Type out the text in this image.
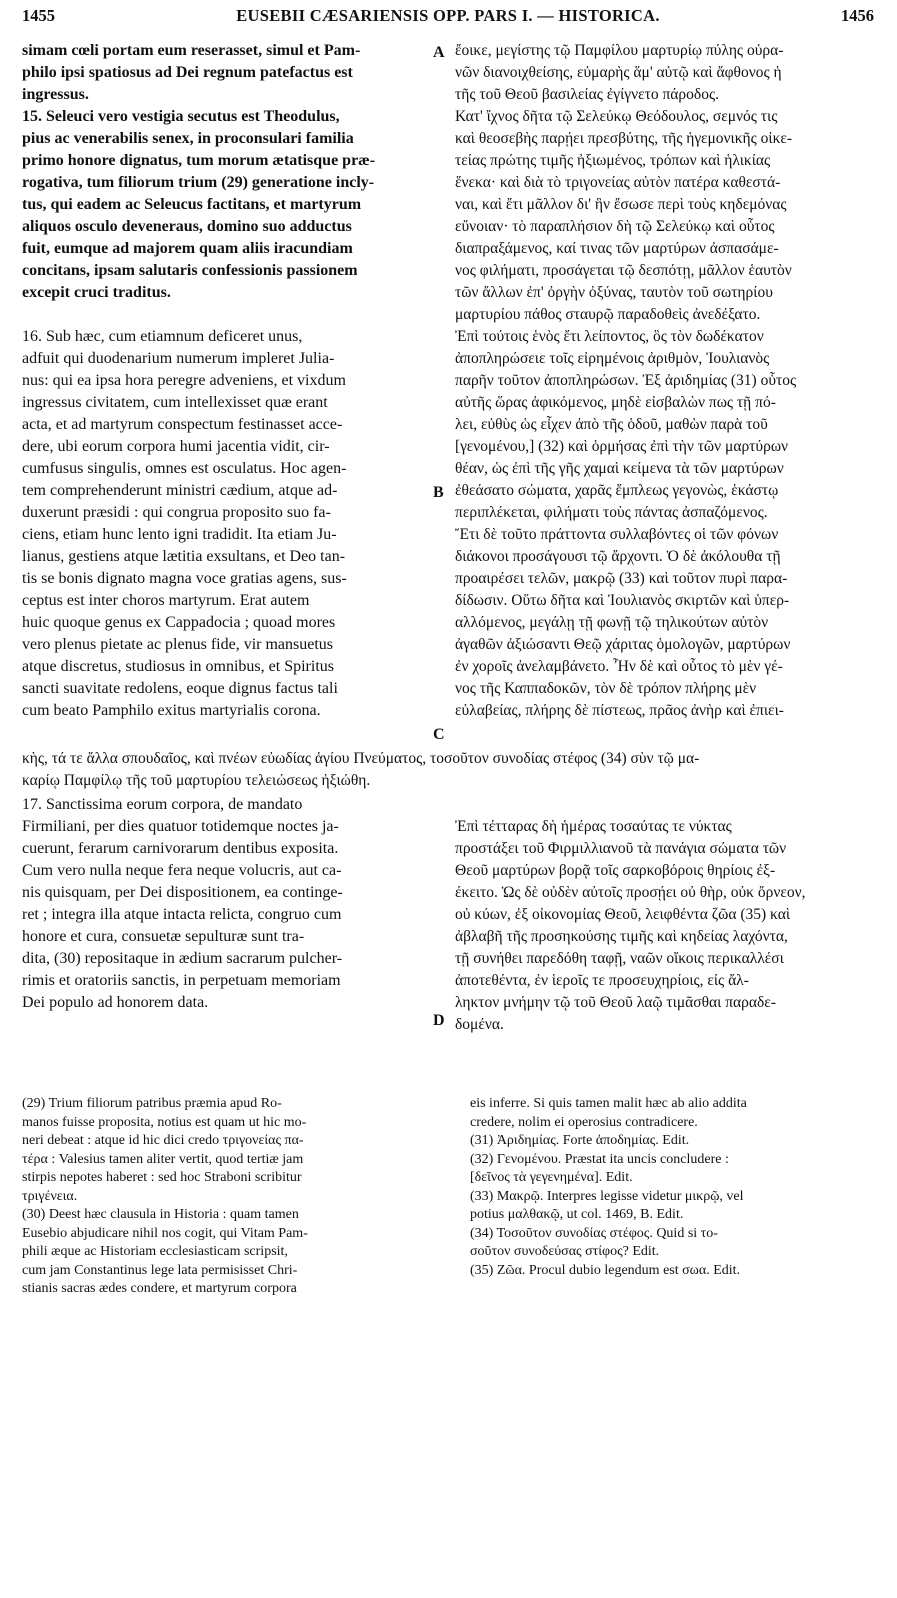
1455	EUSEBII CÆSARIENSIS OPP. PARS I. — HISTORICA.	1456
A
B
C
D
simam cœli portam eum reserasset, simul et Pam-
philo ipsi spatiosus ad Dei regnum patefactus est
ingressus.
15. Seleuci vero vestigia secutus est Theodulus,
pius ac venerabilis senex, in proconsulari familia
primo honore dignatus, tum morum ætatisque præ-
rogativa, tum filiorum trium (29) generatione incly-
tus, qui eadem ac Seleucus factitans, et martyrum
aliquos osculo deveneraus, domino suo adductus
fuit, eumque ad majorem quam aliis iracundiam
concitans, ipsam salutaris confessionis passionem
excepit cruci traditus.
16. Sub hæc, cum etiamnum deficeret unus,
adfuit qui duodenarium numerum impleret Julia-
nus: qui ea ipsa hora peregre adveniens, et vixdum
ingressus civitatem, cum intellexisset quæ erant
acta, et ad martyrum conspectum festinasset acce-
dere, ubi eorum corpora humi jacentia vidit, cir-
cumfusus singulis, omnes est osculatus. Hoc agen-
tem comprehenderunt ministri cædium, atque ad-
duxerunt præsidi : qui congrua proposito suo fa-
ciens, etiam hunc lento igni tradidit. Ita etiam Ju-
lianus, gestiens atque lætitia exsultans, et Deo tan-
tis se bonis dignato magna voce gratias agens, sus-
ceptus est inter choros martyrum. Erat autem
huic quoque genus ex Cappadocia ; quoad mores
vero plenus pietate ac plenus fide, vir mansuetus
atque discretus, studiosus in omnibus, et Spiritus
sancti suavitate redolens, eoque dignus factus tali
cum beato Pamphilo exitus martyrialis corona.
ἔοικε, μεγίστης τῷ Παμφίλου μαρτυρίῳ πύλης οὐρα-
νῶν διανοιχθείσης, εὐμαρὴς ἅμ' αὐτῷ καὶ ἄφθονος ἡ
τῆς τοῦ Θεοῦ βασιλείας ἐγίγνετο πάροδος.
Κατ' ἴχνος δῆτα τῷ Σελεύκῳ Θεόδουλος, σεμνός τις
καὶ θεοσεβὴς παρῄει πρεσβύτης, τῆς ἡγεμονικῆς οἰκε-
τείας πρώτης τιμῆς ἠξιωμένος, τρόπων καὶ ἡλικίας
ἕνεκα· καὶ διὰ τὸ τριγονείας αὐτὸν πατέρα καθεστά-
ναι, καὶ ἔτι μᾶλλον δι' ἣν ἔσωσε περὶ τοὺς κηδεμόνας
εὔνοιαν· τὸ παραπλήσιον δὴ τῷ Σελεύκῳ καὶ οὗτος
διαπραξάμενος, καί τινας τῶν μαρτύρων ἀσπασάμε-
νος φιλήματι, προσάγεται τῷ δεσπότῃ, μᾶλλον ἑαυτὸν
τῶν ἄλλων ἐπ' ὀργὴν ὀξύνας, ταυτὸν τοῦ σωτηρίου
μαρτυρίου πάθος σταυρῷ παραδοθεὶς ἀνεδέξατο.
Ἐπὶ τούτοις ἑνὸς ἔτι λείποντος, ὃς τὸν δωδέκατον
ἀποπληρώσειε τοῖς εἰρημένοις ἀριθμὸν, Ἰουλιανὸς
παρῆν τοῦτον ἀποπληρώσων. Ἐξ ἀριδημίας (31) οὗτος
αὐτῆς ὥρας ἀφικόμενος, μηδὲ εἰσβαλὼν πως τῇ πό-
λει, εὐθὺς ὡς εἶχεν ἀπὸ τῆς ὁδοῦ, μαθὼν παρὰ τοῦ
[γενομένου,] (32) καὶ ὁρμήσας ἐπὶ τὴν τῶν μαρτύρων
θέαν, ὡς ἐπὶ τῆς γῆς χαμαὶ κείμενα τὰ τῶν μαρτύρων
ἐθεάσατο σώματα, χαρᾶς ἔμπλεως γεγονὼς, ἑκάστῳ
περιπλέκεται, φιλήματι τοὺς πάντας ἀσπαζόμενος.
Ἔτι δὲ τοῦτο πράττοντα συλλαβόντες οἱ τῶν φόνων
διάκονοι προσάγουσι τῷ ἄρχοντι. Ὁ δὲ ἀκόλουθα τῇ
προαιρέσει τελῶν, μακρῷ (33) καὶ τοῦτον πυρὶ παρα-
δίδωσιν. Οὕτω δῆτα καὶ Ἰουλιανὸς σκιρτῶν καὶ ὑπερ-
αλλόμενος, μεγάλῃ τῇ φωνῇ τῷ τηλικούτων αὐτὸν
ἀγαθῶν ἀξιώσαντι Θεῷ χάριτας ὁμολογῶν, μαρτύρων
ἐν χοροῖς ἀνελαμβάνετο. Ἦν δὲ καὶ οὗτος τὸ μὲν γέ-
νος τῆς Καππαδοκῶν, τὸν δὲ τρόπον πλήρης μὲν
εὐλαβείας, πλήρης δὲ πίστεως, πρᾶος ἀνὴρ καὶ ἐπιει-
κὴς, τά τε ἄλλα σπουδαῖος, καὶ πνέων εὐωδίας ἁγίου Πνεύματος, τοσοῦτον συνοδίας στέφος (34) σὺν τῷ μα-
καρίῳ Παμφίλῳ τῆς τοῦ μαρτυρίου τελειώσεως ἠξιώθη.
17. Sanctissima eorum corpora, de mandato
Firmiliani, per dies quatuor totidemque noctes ja-
cuerunt, ferarum carnivorarum dentibus exposita.
Cum vero nulla neque fera neque volucris, aut ca-
nis quisquam, per Dei dispositionem, ea continge-
ret ; integra illa atque intacta relicta, congruo cum
honore et cura, consuetæ sepulturæ sunt tra-
dita, (30) repositaque in ædium sacrarum pulcher-
rimis et oratoriis sanctis, in perpetuam memoriam
Dei populo ad honorem data.
Ἐπὶ τέτταρας δὴ ἡμέρας τοσαύτας τε νύκτας
προστάξει τοῦ Φιρμιλλιανοῦ τὰ πανάγια σώματα τῶν
Θεοῦ μαρτύρων βορᾷ τοῖς σαρκοβόροις θηρίοις ἐξ-
έκειτο. Ὡς δὲ οὐδὲν αὐτοῖς προσῄει οὐ θὴρ, οὐκ ὄρνεον,
οὐ κύων, ἐξ οἰκονομίας Θεοῦ, λειφθέντα ζῶα (35) καὶ
ἀβλαβῆ τῆς προσηκούσης τιμῆς καὶ κηδείας λαχόντα,
τῇ συνήθει παρεδόθη ταφῇ, ναῶν οἴκοις περικαλλέσι
ἀποτεθέντα, ἐν ἱεροῖς τε προσευχηρίοις, εἰς ἄλ-
ληκτον μνήμην τῷ τοῦ Θεοῦ λαῷ τιμᾶσθαι παραδε-
δομένα.
(29) Trium filiorum patribus præmia apud Ro-
manos fuisse proposita, notius est quam ut hic mo-
neri debeat : atque id hic dici credo τριγονείας πα-
τέρα : Valesius tamen aliter vertit, quod tertiæ jam
stirpis nepotes haberet : sed hoc Straboni scribitur
τριγένεια.
(30) Deest hæc clausula in Historia : quam tamen
Eusebio abjudicare nihil nos cogit, qui Vitam Pam-
phili æque ac Historiam ecclesiasticam scripsit,
cum jam Constantinus lege lata permisisset Chri-
stianis sacras ædes condere, et martyrum corpora
eis inferre. Si quis tamen malit hæc ab alio addita
credere, nolim ei operosius contradicere.
(31) Ἀριδημίας. Forte ἀποδημίας. Edit.
(32) Γενομένου. Præstat ita uncis concludere :
[δεῖνος τὰ γεγενημένα]. Edit.
(33) Μακρῷ. Interpres legisse videtur μικρῷ, vel
potius μαλθακῷ, ut col. 1469, B. Edit.
(34) Τοσοῦτον συνοδίας στέφος. Quid si το-
σοῦτον συνοδεύσας στίφος? Edit.
(35) Ζῶα. Procul dubio legendum est σωα. Edit.
